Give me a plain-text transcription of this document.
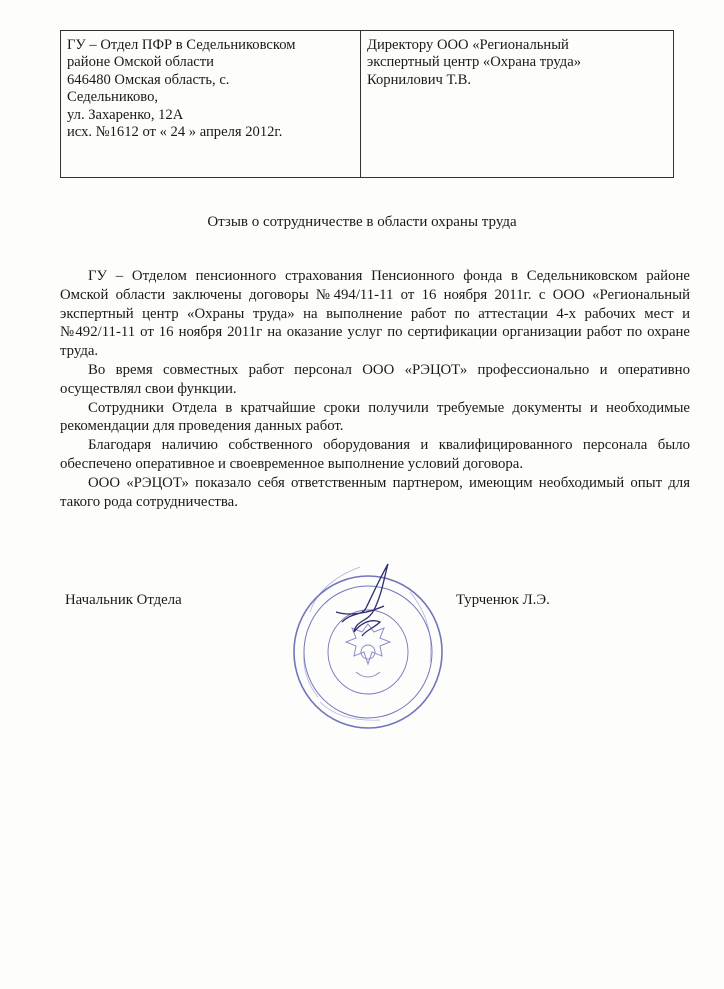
ГУ – Отдел ПФР в Седельниковском
районе Омской области
646480 Омская область, с.
Седельниково,
ул. Захаренко, 12А
исх. №1612 от « 24 » апреля 2012г.
Директору ООО «Региональный
экспертный центр «Охрана труда»
Корнилович Т.В.
Отзыв о сотрудничестве в области охраны труда

ГУ – Отделом пенсионного страхования Пенсионного фонда в Седельниковском районе Омской области заключены договоры №494/11-11 от 16 ноября 2011г. с ООО «Региональный экспертный центр «Охраны труда» на выполнение работ по аттестации 4-х рабочих мест и №492/11-11 от 16 ноября 2011г на оказание услуг по сертификации организации работ по охране труда.

Во время совместных работ персонал ООО «РЭЦОТ» профессионально и оперативно осуществлял свои функции.

Сотрудники Отдела в кратчайшие сроки получили требуемые документы и необходимые рекомендации для проведения данных работ.

Благодаря наличию собственного оборудования и квалифицированного персонала было обеспечено оперативное и своевременное выполнение условий договора.

ООО «РЭЦОТ» показало себя ответственным партнером, имеющим необходимый опыт для такого рода сотрудничества.

Начальник Отдела	Турченюк Л.Э.
